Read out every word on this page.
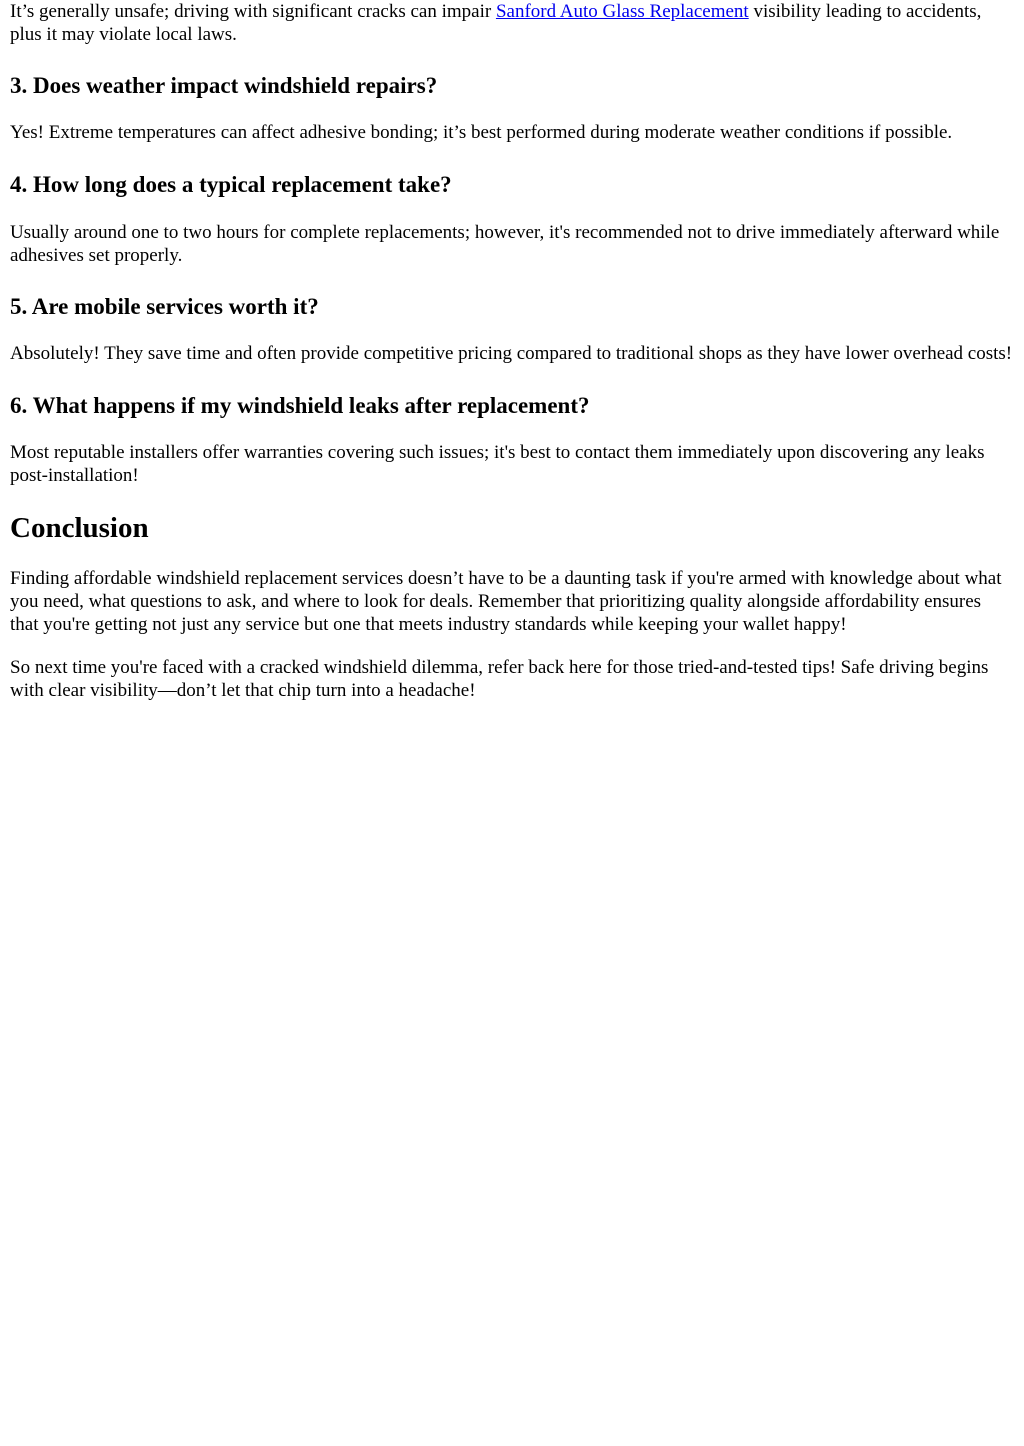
It’s generally unsafe; driving with significant cracks can impair Sanford Auto Glass Replacement visibility leading to accidents, plus it may violate local laws.

3. Does weather impact windshield repairs?

Yes! Extreme temperatures can affect adhesive bonding; it’s best performed during moderate weather conditions if possible.

4. How long does a typical replacement take?

Usually around one to two hours for complete replacements; however, it's recommended not to drive immediately afterward while adhesives set properly.

5. Are mobile services worth it?

Absolutely! They save time and often provide competitive pricing compared to traditional shops as they have lower overhead costs!

6. What happens if my windshield leaks after replacement?

Most reputable installers offer warranties covering such issues; it's best to contact them immediately upon discovering any leaks post-installation!

Conclusion

Finding affordable windshield replacement services doesn’t have to be a daunting task if you're armed with knowledge about what you need, what questions to ask, and where to look for deals. Remember that prioritizing quality alongside affordability ensures that you're getting not just any service but one that meets industry standards while keeping your wallet happy!

So next time you're faced with a cracked windshield dilemma, refer back here for those tried-and-tested tips! Safe driving begins with clear visibility—don’t let that chip turn into a headache!
